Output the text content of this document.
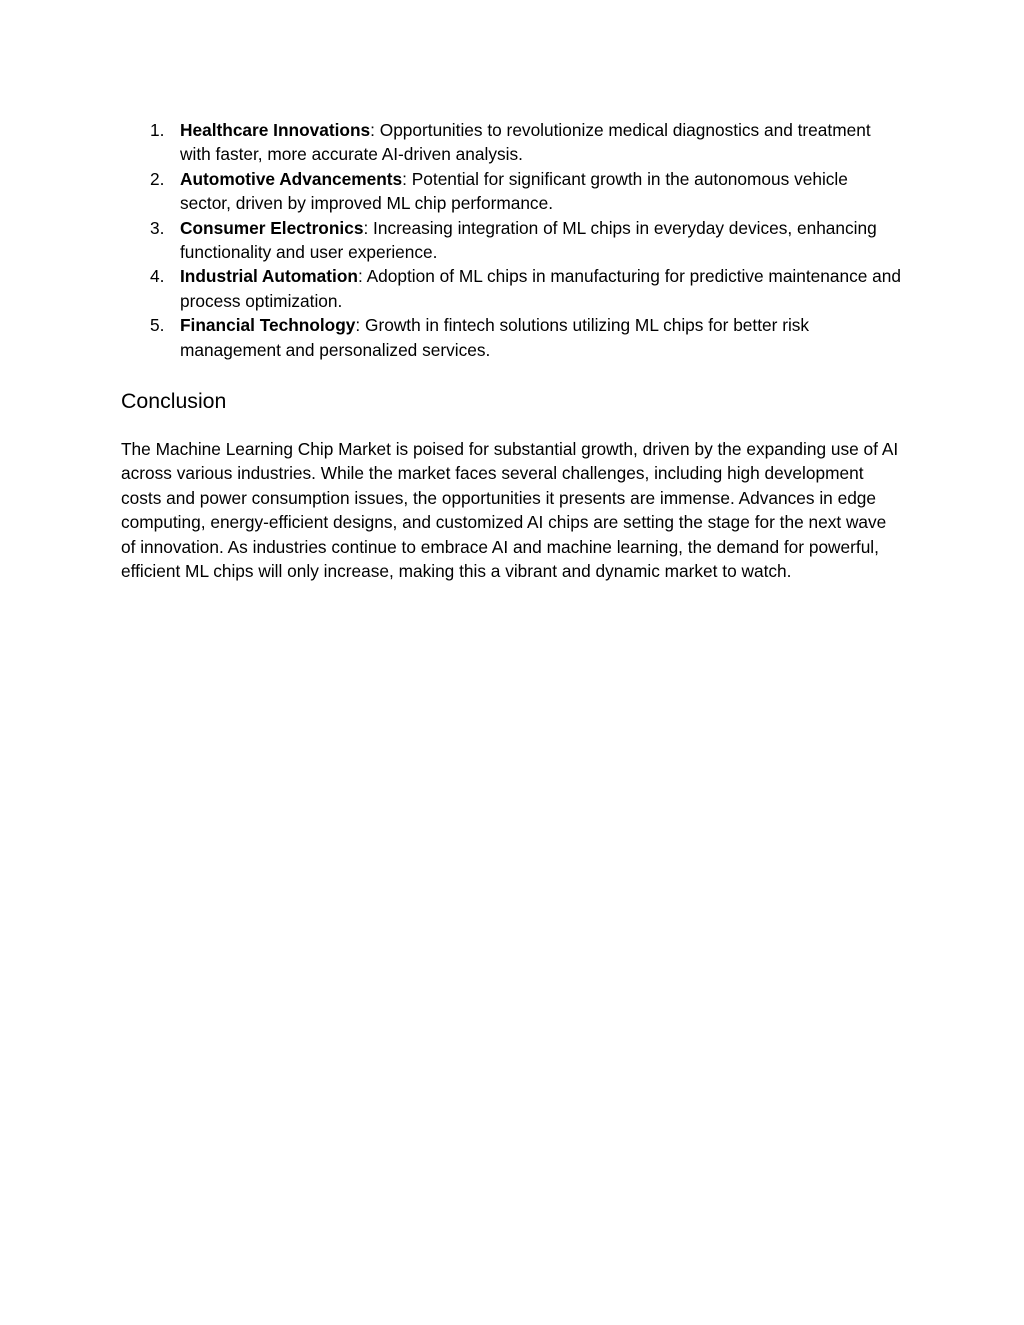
1. Healthcare Innovations: Opportunities to revolutionize medical diagnostics and treatment with faster, more accurate AI-driven analysis.
2. Automotive Advancements: Potential for significant growth in the autonomous vehicle sector, driven by improved ML chip performance.
3. Consumer Electronics: Increasing integration of ML chips in everyday devices, enhancing functionality and user experience.
4. Industrial Automation: Adoption of ML chips in manufacturing for predictive maintenance and process optimization.
5. Financial Technology: Growth in fintech solutions utilizing ML chips for better risk management and personalized services.
Conclusion

The Machine Learning Chip Market is poised for substantial growth, driven by the expanding use of AI across various industries. While the market faces several challenges, including high development costs and power consumption issues, the opportunities it presents are immense. Advances in edge computing, energy-efficient designs, and customized AI chips are setting the stage for the next wave of innovation. As industries continue to embrace AI and machine learning, the demand for powerful, efficient ML chips will only increase, making this a vibrant and dynamic market to watch.
